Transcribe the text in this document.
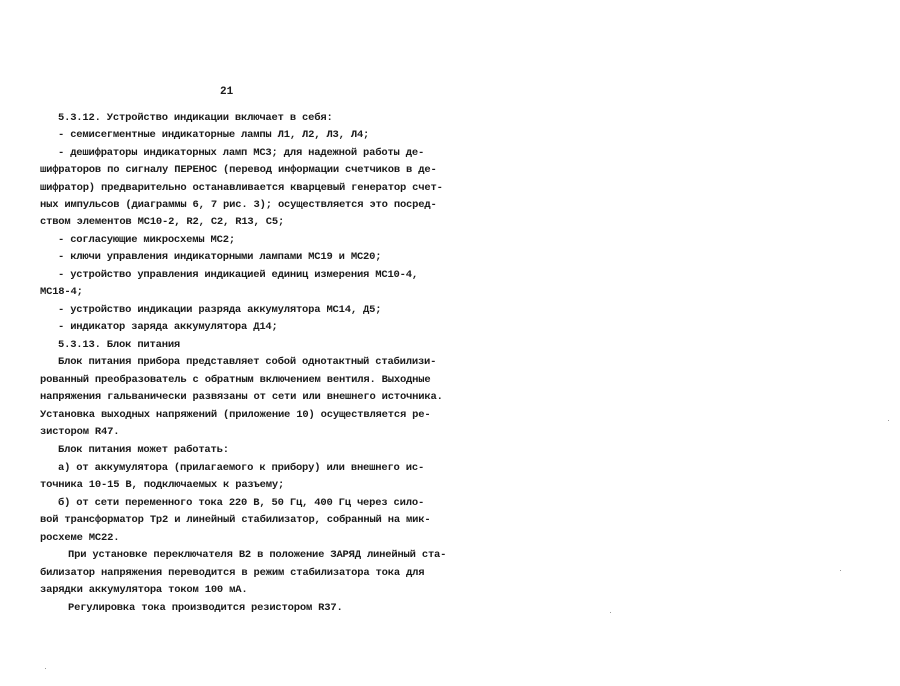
21
5.3.12. Устройство индикации включает в себя:
- семисегментные индикаторные лампы Л1, Л2, Л3, Л4;
- дешифраторы индикаторных ламп МС3; для надежной работы де-
шифраторов по сигналу ПЕРЕНОС (перевод информации счетчиков в де-
шифратор) предварительно останавливается кварцевый генератор счет-
ных импульсов (диаграммы 6, 7 рис. 3); осуществляется это посред-
ством элементов МС10-2, R2, С2, R13, С5;
- согласующие микросхемы МС2;
- ключи управления индикаторными лампами МС19 и МС20;
- устройство управления индикацией единиц измерения МС10-4,
МС18-4;
- устройство индикации разряда аккумулятора МС14, Д5;
- индикатор заряда аккумулятора Д14;
5.3.13. Блок питания
Блок питания прибора представляет собой однотактный стабилизи-
рованный преобразователь с обратным включением вентиля. Выходные
напряжения гальванически развязаны от сети или внешнего источника.
Установка выходных напряжений (приложение 10) осуществляется ре-
зистором R47.
Блок питания может работать:
а) от аккумулятора (прилагаемого к прибору) или внешнего ис-
точника 10-15 В, подключаемых к разъему;
б) от сети переменного тока 220 В, 50 Гц, 400 Гц через сило-
вой трансформатор Тр2 и линейный стабилизатор, собранный на мик-
росхеме МС22.
При установке переключателя В2 в положение ЗАРЯД линейный ста-
билизатор напряжения переводится в режим стабилизатора тока для
зарядки аккумулятора током 100 мА.
Регулировка тока производится резистором R37.
